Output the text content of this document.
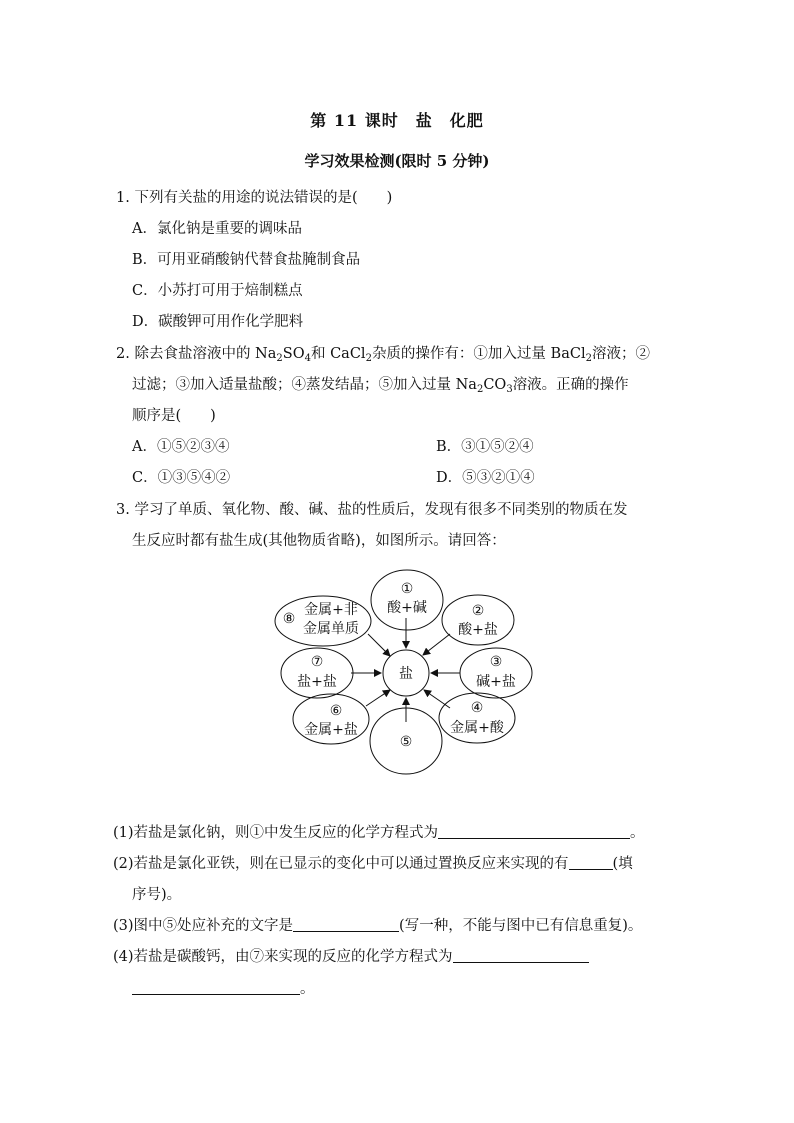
第 11 课时　盐　化肥
学习效果检测(限时 5 分钟)
1. 下列有关盐的用途的说法错误的是(　　)
A．氯化钠是重要的调味品
B．可用亚硝酸钠代替食盐腌制食品
C．小苏打可用于焙制糕点
D．碳酸钾可用作化学肥料
2. 除去食盐溶液中的 $Na_2SO_4$和 CaCl$_2$杂质的操作有：①加入过量 BaCl$_2$溶液；②
过滤；③加入适量盐酸；④蒸发结晶；⑤加入过量 $Na_2CO_3$溶液。正确的操作
顺序是(　　)
A．①⑤②③④	B．③①⑤②④
C．①③⑤④②	D．⑤③②①④
3. 学习了单质、氧化物、酸、碱、盐的性质后，发现有很多不同类别的物质在发
生反应时都有盐生成(其他物质省略)，如图所示。请回答：
盐
①
酸+碱	②
酸+盐
③
碱+盐
④
金属+酸
⑤
⑥
金属+盐
⑦
盐+盐
⑧
金属+非
金属单质
(1)若盐是氯化钠，则①中发生反应的化学方程式为	。
(2)若盐是氯化亚铁，则在已显示的变化中可以通过置换反应来实现的有	(填
序号)。
(3)图中⑤处应补充的文字是	(写一种，不能与图中已有信息重复)。
(4)若盐是碳酸钙，由⑦来实现的反应的化学方程式为
。
